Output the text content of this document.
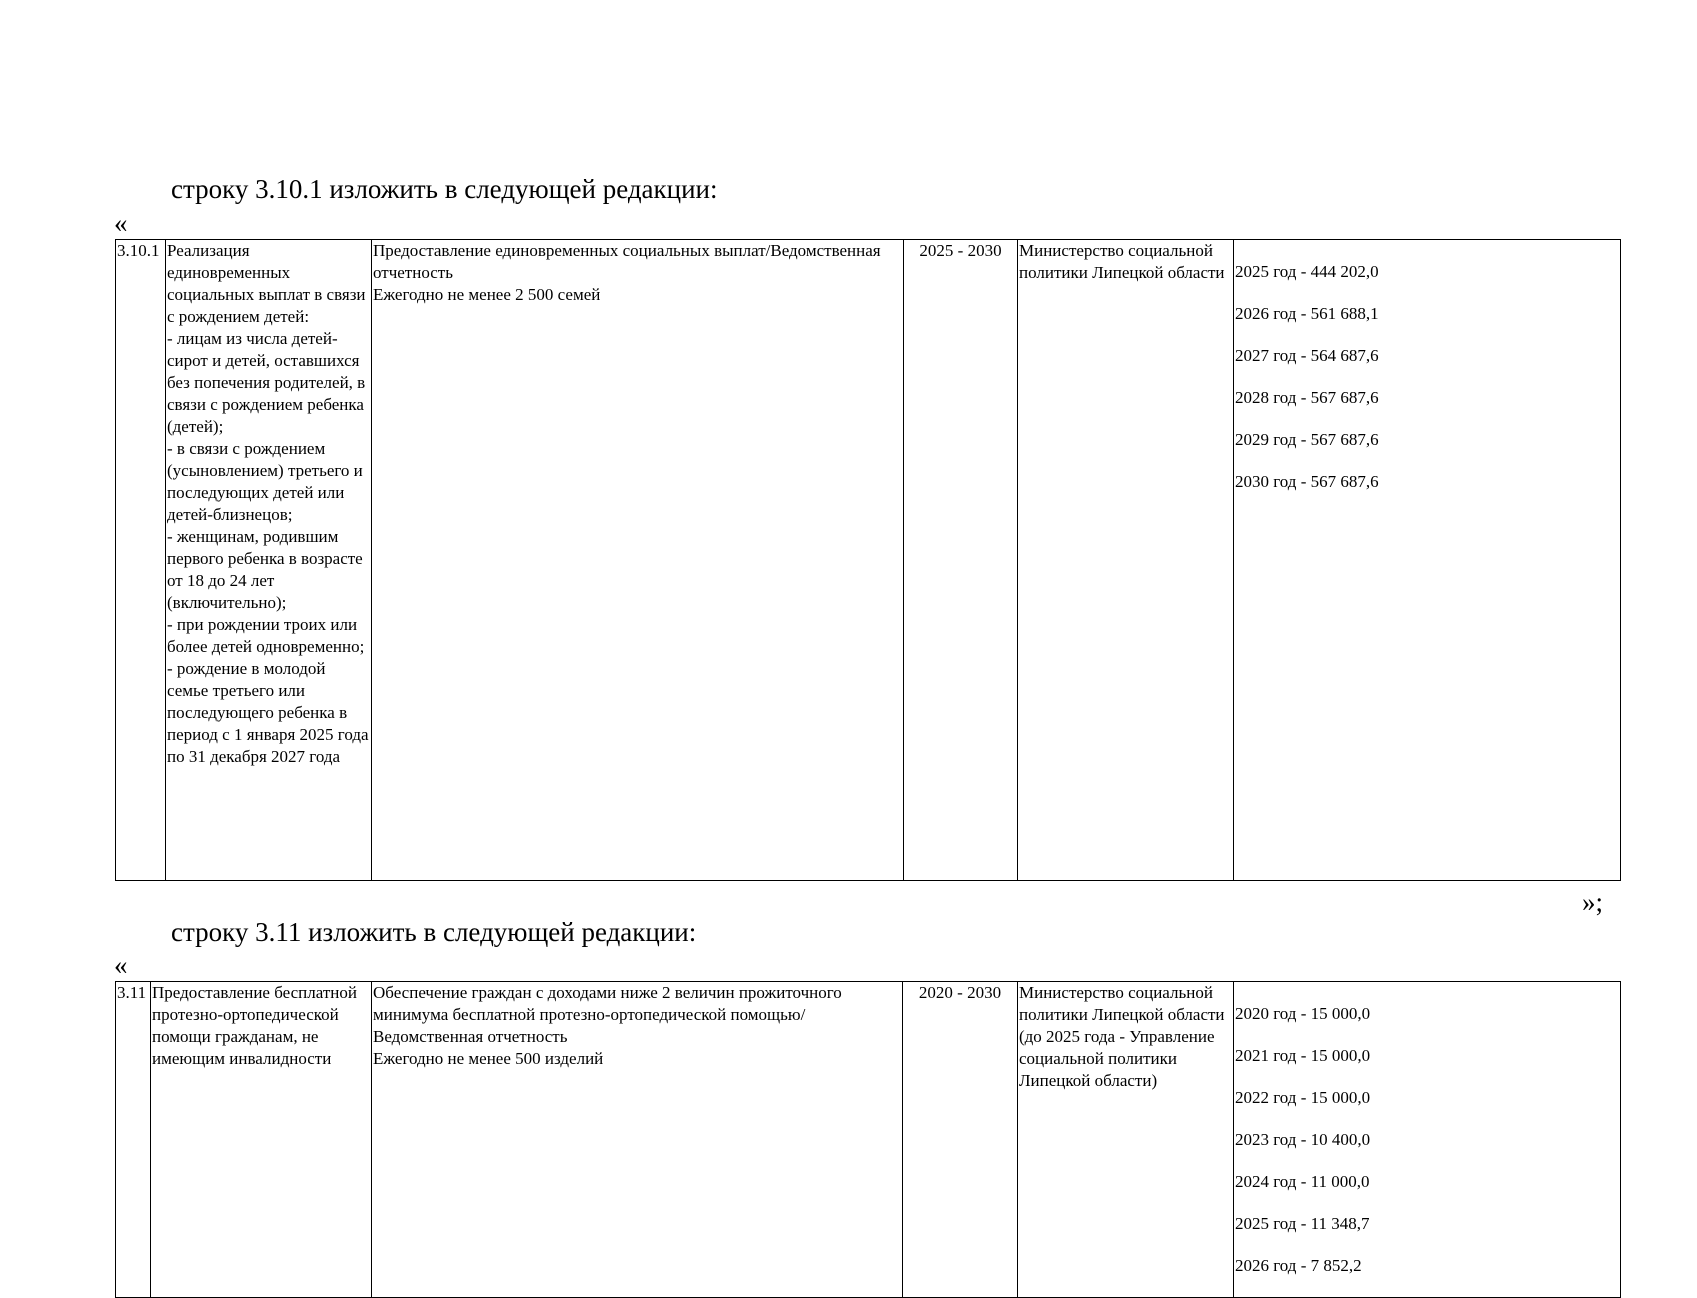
строку 3.10.1 изложить в следующей редакции:
«
3.10.1	Реализация единовременных социальных выплат в связи с рождением детей:
- лицам из числа детей-сирот и детей, оставшихся без попечения родителей, в связи с рождением ребенка (детей);
- в связи с рождением (усыновлением) третьего и последующих детей или детей-близнецов;
- женщинам, родившим первого ребенка в возрасте от 18 до 24 лет (включительно);
- при рождении троих или более детей одновременно;
- рождение в молодой семье третьего или последующего ребенка в период с 1 января 2025 года по 31 декабря 2027 года	Предоставление единовременных социальных выплат/Ведомственная отчетность
Ежегодно не менее 2 500 семей	2025 - 2030	Министерство социальной политики Липецкой области	2025 год - 444 202,0

2026 год - 561 688,1

2027 год - 564 687,6

2028 год - 567 687,6

2029 год - 567 687,6

2030 год - 567 687,6

»;
строку 3.11 изложить в следующей редакции:
«
3.11	Предоставление бесплатной протезно-ортопедической помощи гражданам, не имеющим инвалидности	Обеспечение граждан с доходами ниже 2 величин прожиточного минимума бесплатной протезно-ортопедической помощью/Ведомственная отчетность
Ежегодно не менее 500 изделий	2020 - 2030	Министерство социальной политики Липецкой области (до 2025 года - Управление социальной политики Липецкой области)	

2020 год - 15 000,0

2021 год - 15 000,0

2022 год - 15 000,0

2023 год - 10 400,0

2024 год - 11 000,0

2025 год - 11 348,7

2026 год - 7 852,2
